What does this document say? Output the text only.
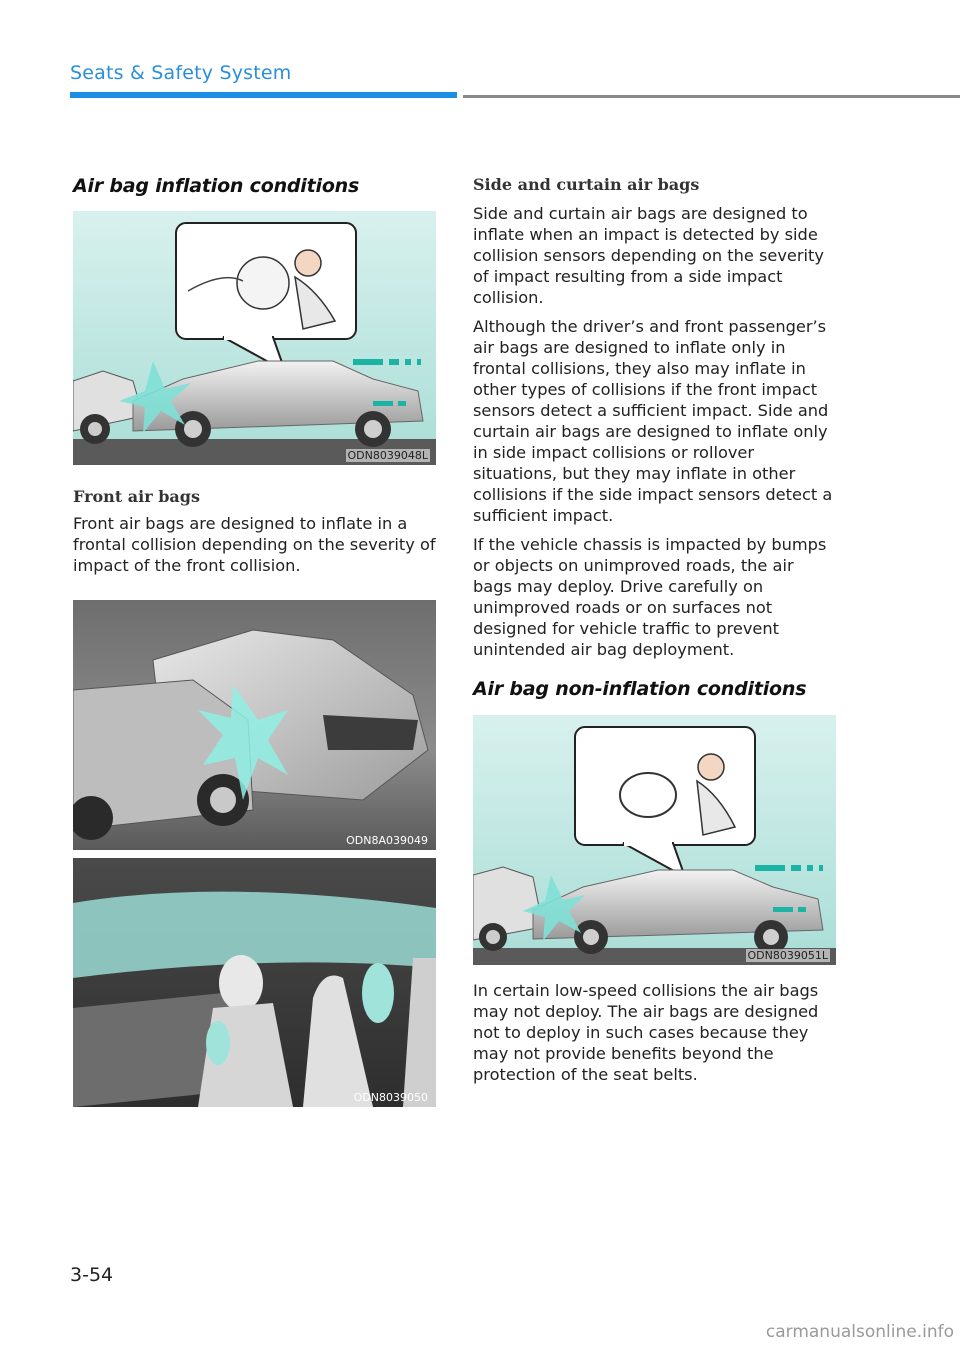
Seats & Safety System
Air bag inflation conditions
ODN8039048L
Front air bags

Front air bags are designed to inflate in a frontal collision depending on the severity of impact of the front collision.

ODN8A039049
ODN8039050
Side and curtain air bags

Side and curtain air bags are designed to inflate when an impact is detected by side collision sensors depending on the severity of impact resulting from a side impact collision.

Although the driver’s and front passenger’s air bags are designed to inflate only in frontal collisions, they also may inflate in other types of collisions if the front impact sensors detect a sufficient impact. Side and curtain air bags are designed to inflate only in side impact collisions or rollover situations, but they may inflate in other collisions if the side impact sensors detect a sufficient impact.

If the vehicle chassis is impacted by bumps or objects on unimproved roads, the air bags may deploy. Drive carefully on unimproved roads or on surfaces not designed for vehicle traffic to prevent unintended air bag deployment.

Air bag non-inflation conditions
ODN8039051L

In certain low-speed collisions the air bags may not deploy. The air bags are designed not to deploy in such cases because they may not provide benefits beyond the protection of the seat belts.

3-54
carmanualsonline.info
